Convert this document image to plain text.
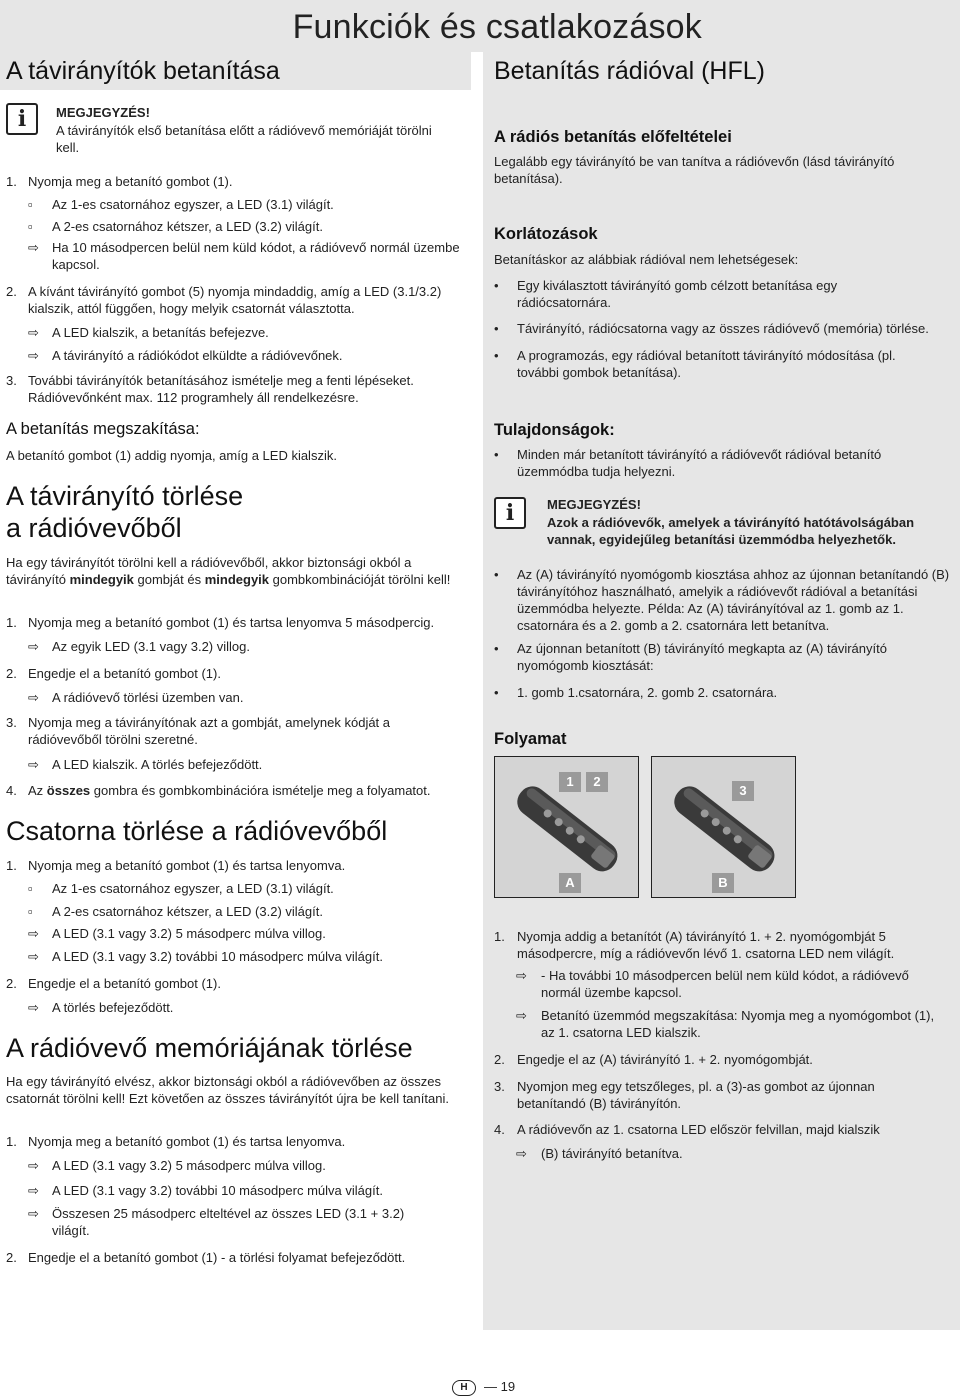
Funkciók és csatlakozások
A távirányítók betanítása
i	MEGJEGYZÉS!
A távirányítók első betanítása előtt a rádióvevő memóriáját törölni kell.
1. Nyomja meg a betanító gombot (1).
▫ Az 1-es csatornához egyszer, a LED (3.1) világít.
▫ A 2-es csatornához kétszer, a LED (3.2) világít.
⇨ Ha 10 másodpercen belül nem küld kódot, a rádióvevő normál üzembe kapcsol.
2. A kívánt távirányító gombot (5) nyomja mindaddig, amíg a LED (3.1/3.2) kialszik, attól függően, hogy melyik csatornát választotta.
⇨ A LED kialszik, a betanítás befejezve.
⇨ A távirányító a rádiókódot elküldte a rádióvevőnek.
3. További távirányítók betanításához ismételje meg a fenti lépéseket. Rádióvevőnként max. 112 programhely áll rendelkezésre.
A betanítás megszakítása:
A betanító gombot (1) addig nyomja, amíg a LED kialszik.
A távirányító törlése
a rádióvevőből
Ha egy távirányítót törölni kell a rádióvevőből, akkor biztonsági okból a távirányító mindegyik gombját és mindegyik gombkombinációját törölni kell!
1. Nyomja meg a betanító gombot (1) és tartsa lenyomva 5 másodpercig.
⇨ Az egyik LED (3.1 vagy 3.2) villog.
2. Engedje el a betanító gombot (1).
⇨ A rádióvevő törlési üzemben van.
3. Nyomja meg a távirányítónak azt a gombját, amelynek kódját a rádióvevőből törölni szeretné.
⇨ A LED kialszik. A törlés befejeződött.
4. Az összes gombra és gombkombinációra ismételje meg a folyamatot.
Csatorna törlése a rádióvevőből
1. Nyomja meg a betanító gombot (1) és tartsa lenyomva.
▫ Az 1-es csatornához egyszer, a LED (3.1) világít.
▫ A 2-es csatornához kétszer, a LED (3.2) világít.
⇨ A LED (3.1 vagy 3.2) 5 másodperc múlva villog.
⇨ A LED (3.1 vagy 3.2) további 10 másodperc múlva világít.
2. Engedje el a betanító gombot (1).
⇨ A törlés befejeződött.
A rádióvevő memóriájának törlése
Ha egy távirányító elvész, akkor biztonsági okból a rádióvevőben az összes csatornát törölni kell! Ezt követően az összes távirányítót újra be kell tanítani.
1. Nyomja meg a betanító gombot (1) és tartsa lenyomva.
⇨ A LED (3.1 vagy 3.2) 5 másodperc múlva villog.
⇨ A LED (3.1 vagy 3.2) további 10 másodperc múlva világít.
⇨ Összesen 25 másodperc elteltével az összes LED (3.1 + 3.2) világít.
2. Engedje el a betanító gombot (1) - a törlési folyamat befejeződött.
Betanítás rádióval (HFL)
A rádiós betanítás előfeltételei
Legalább egy távirányító be van tanítva a rádióvevőn (lásd távirányító betanítása).
Korlátozások
Betanításkor az alábbiak rádióval nem lehetségesek:
• Egy kiválasztott távirányító gomb célzott betanítása egy rádiócsatornára.
• Távirányító, rádiócsatorna vagy az összes rádióvevő (memória) törlése.
• A programozás, egy rádióval betanított távirányító módosítása (pl. további gombok betanítása).
Tulajdonságok:
• Minden már betanított távirányító a rádióvevőt rádióval betanító üzemmódba tudja helyezni.
i	MEGJEGYZÉS!
Azok a rádióvevők, amelyek a távirányító hatótávolságában vannak, egyidejűleg betanítási üzemmódba helyezhetők.
• Az (A) távirányító nyomógomb kiosztása ahhoz az újonnan betanítandó (B) távirányítóhoz használható, amelyik a rádióvevőt rádióval a betanítási üzemmódba helyezte. Példa: Az (A) távirányítóval az 1. gomb az 1. csatornára és a 2. gomb a 2. csatornára lett betanítva.
• Az újonnan betanított (B) távirányító megkapta az (A) távirányító nyomógomb kiosztását:
• 1. gomb 1.csatornára, 2. gomb 2. csatornára.
Folyamat
1	2
A
3
B
1. Nyomja addig a betanítót (A) távirányító 1. + 2. nyomógombját 5 másodpercre, míg a rádióvevőn lévő 1. csatorna LED nem világít.
⇨ - Ha további 10 másodpercen belül nem küld kódot, a rádióvevő normál üzembe kapcsol.
⇨ Betanító üzemmód megszakítása: Nyomja meg a nyomógombot (1), az 1. csatorna LED kialszik.
2. Engedje el az (A) távirányító 1. + 2. nyomógombját.
3. Nyomjon meg egy tetszőleges, pl. a (3)-as gombot az újonnan betanítandó (B) távirányítón.
4. A rádióvevőn az 1. csatorna LED először felvillan, majd kialszik
⇨ (B) távirányító betanítva.
H — 19
